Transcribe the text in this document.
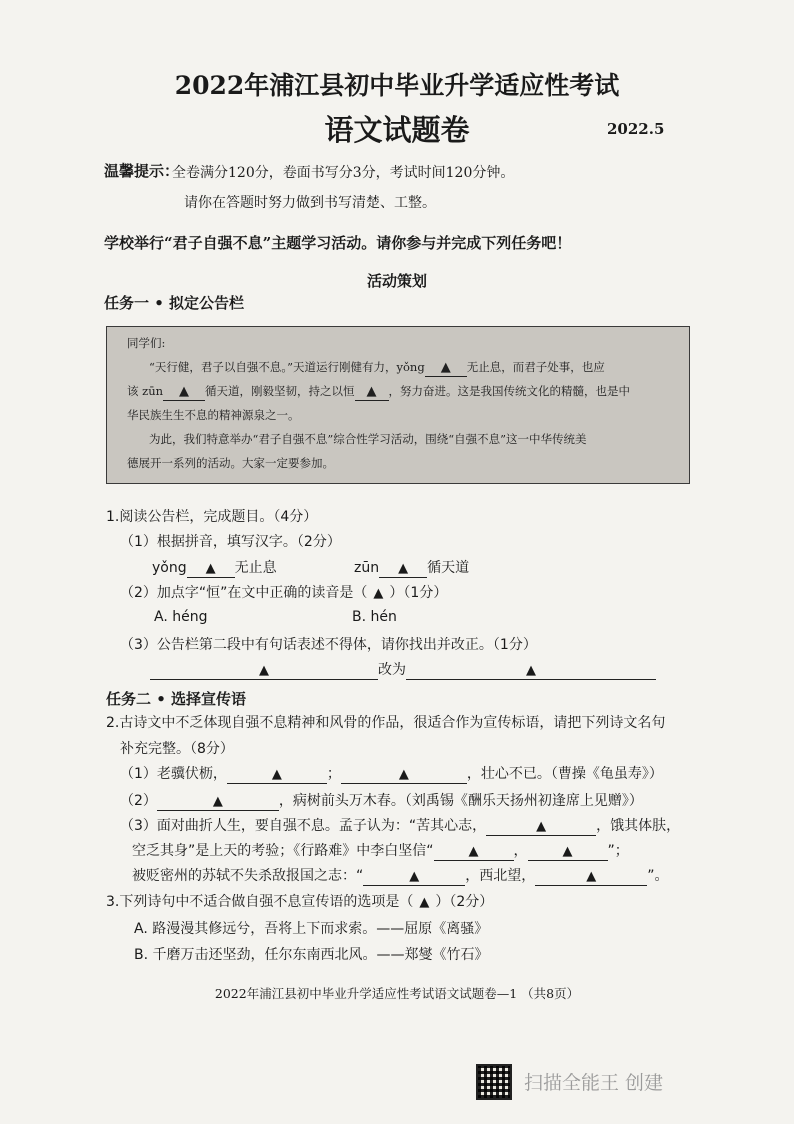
2022年浦江县初中毕业升学适应性考试
语文试题卷	2022.5
温馨提示：
全卷满分120分，卷面书写分3分，考试时间120分钟。
请你在答题时努力做到书写清楚、工整。
学校举行“君子自强不息”主题学习活动。请你参与并完成下列任务吧！
活动策划
任务一 • 拟定公告栏
同学们:
“天行健，君子以自强不息。”天道运行刚健有力，yǒng ▲ 无止息，而君子处事，也应
该 zūn ▲ 循天道，刚毅坚韧，持之以恒 ▲ ，努力奋进。这是我国传统文化的精髓，也是中
华民族生生不息的精神源泉之一。
为此，我们特意举办“君子自强不息”综合性学习活动，围绕“自强不息”这一中华传统美
德展开一系列的活动。大家一定要参加。
1.阅读公告栏，完成题目。（4分）
（1）根据拼音，填写汉字。（2分）
yǒng ▲ 无止息	zūn ▲ 循天道
（2）加点字“恒”在文中正确的读音是（ ▲ ）（1分）
A. héng	B. hén
（3）公告栏第二段中有句话表述不得体，请你找出并改正。（1分）
▲	改为	▲
任务二 • 选择宣传语
2.古诗文中不乏体现自强不息精神和风骨的作品，很适合作为宣传标语，请把下列诗文名句
补充完整。（8分）
（1）老骥伏枥，	▲	；	▲	，壮心不已。（曹操《龟虽寿》）
（2）	▲	，病树前头万木春。（刘禹锡《酬乐天扬州初逢席上见赠》）
（3）面对曲折人生，要自强不息。孟子认为：“苦其心志，	▲	，饿其体肤，
空乏其身”是上天的考验；《行路难》中李白坚信“	▲	，	▲	”；
被贬密州的苏轼不失杀敌报国之志：“	▲	，西北望，	▲	”。
3.下列诗句中不适合做自强不息宣传语的选项是（ ▲ ）（2分）
A. 路漫漫其修远兮，吾将上下而求索。——屈原《离骚》
B. 千磨万击还坚劲，任尔东南西北风。——郑燮《竹石》
2022年浦江县初中毕业升学适应性考试语文试题卷—1 （共8页）
扫描全能王 创建
